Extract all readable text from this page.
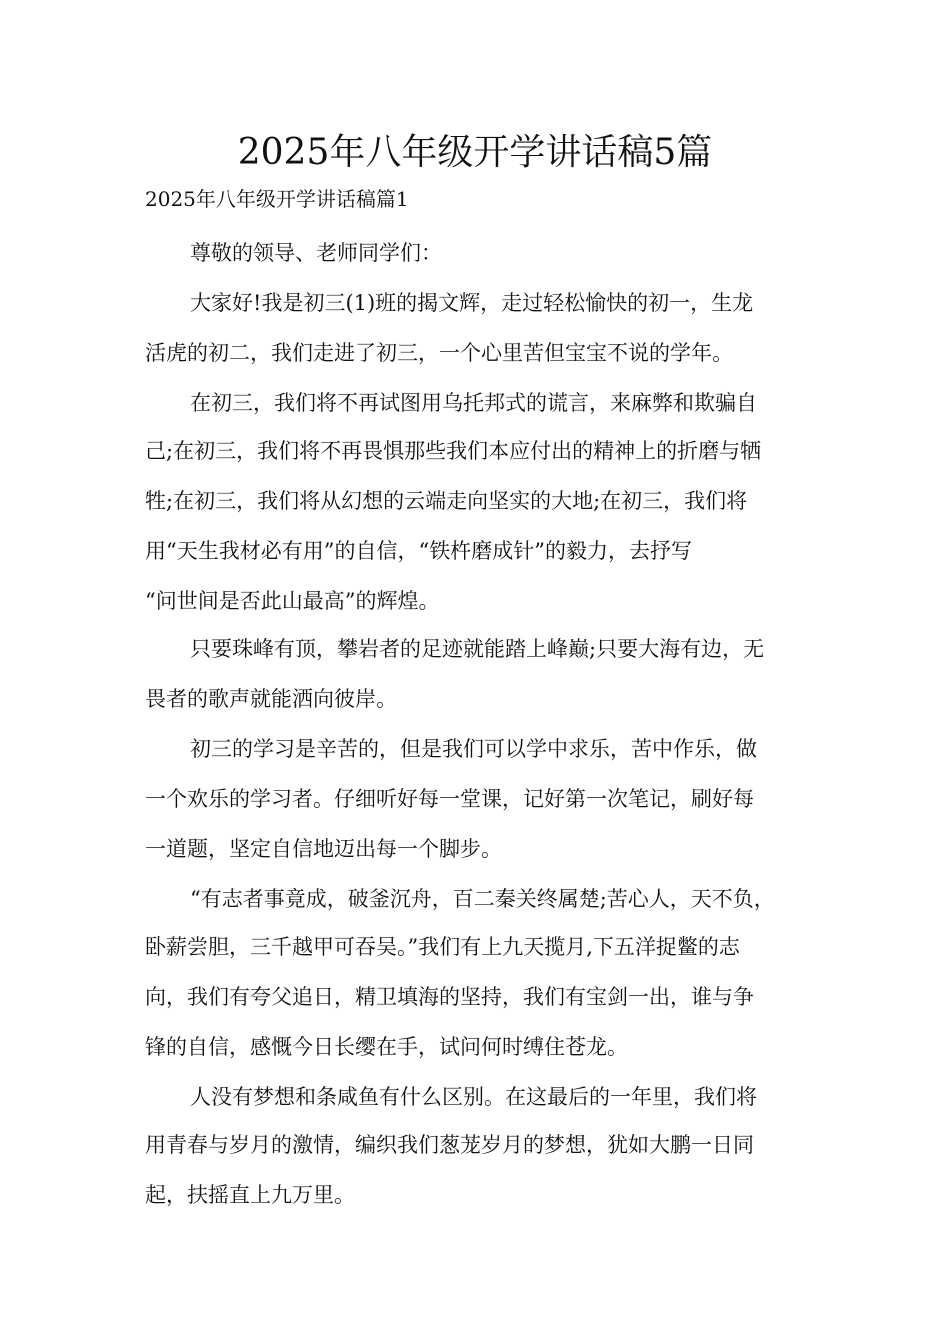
2025年八年级开学讲话稿5篇
2025年八年级开学讲话稿篇1
尊敬的领导、老师同学们：
大家好!我是初三(1)班的揭文辉，走过轻松愉快的初一，生龙
活虎的初二，我们走进了初三，一个心里苦但宝宝不说的学年。
在初三，我们将不再试图用乌托邦式的谎言，来麻弊和欺骗自
己;在初三，我们将不再畏惧那些我们本应付出的精神上的折磨与牺
牲;在初三，我们将从幻想的云端走向坚实的大地;在初三，我们将
用“天生我材必有用”的自信，“铁杵磨成针”的毅力，去抒写
“问世间是否此山最高”的辉煌。
只要珠峰有顶，攀岩者的足迹就能踏上峰巅;只要大海有边，无
畏者的歌声就能洒向彼岸。
初三的学习是辛苦的，但是我们可以学中求乐，苦中作乐，做
一个欢乐的学习者。仔细听好每一堂课，记好第一次笔记，刷好每
一道题，坚定自信地迈出每一个脚步。
“有志者事竟成，破釜沉舟，百二秦关终属楚;苦心人，天不负，
卧薪尝胆，三千越甲可吞吴。”我们有上九天揽月,下五洋捉鳖的志
向，我们有夸父追日，精卫填海的坚持，我们有宝剑一出，谁与争
锋的自信，感慨今日长缨在手，试问何时缚住苍龙。
人没有梦想和条咸鱼有什么区别。在这最后的一年里，我们将
用青春与岁月的激情，编织我们葱茏岁月的梦想，犹如大鹏一日同
起，扶摇直上九万里。
